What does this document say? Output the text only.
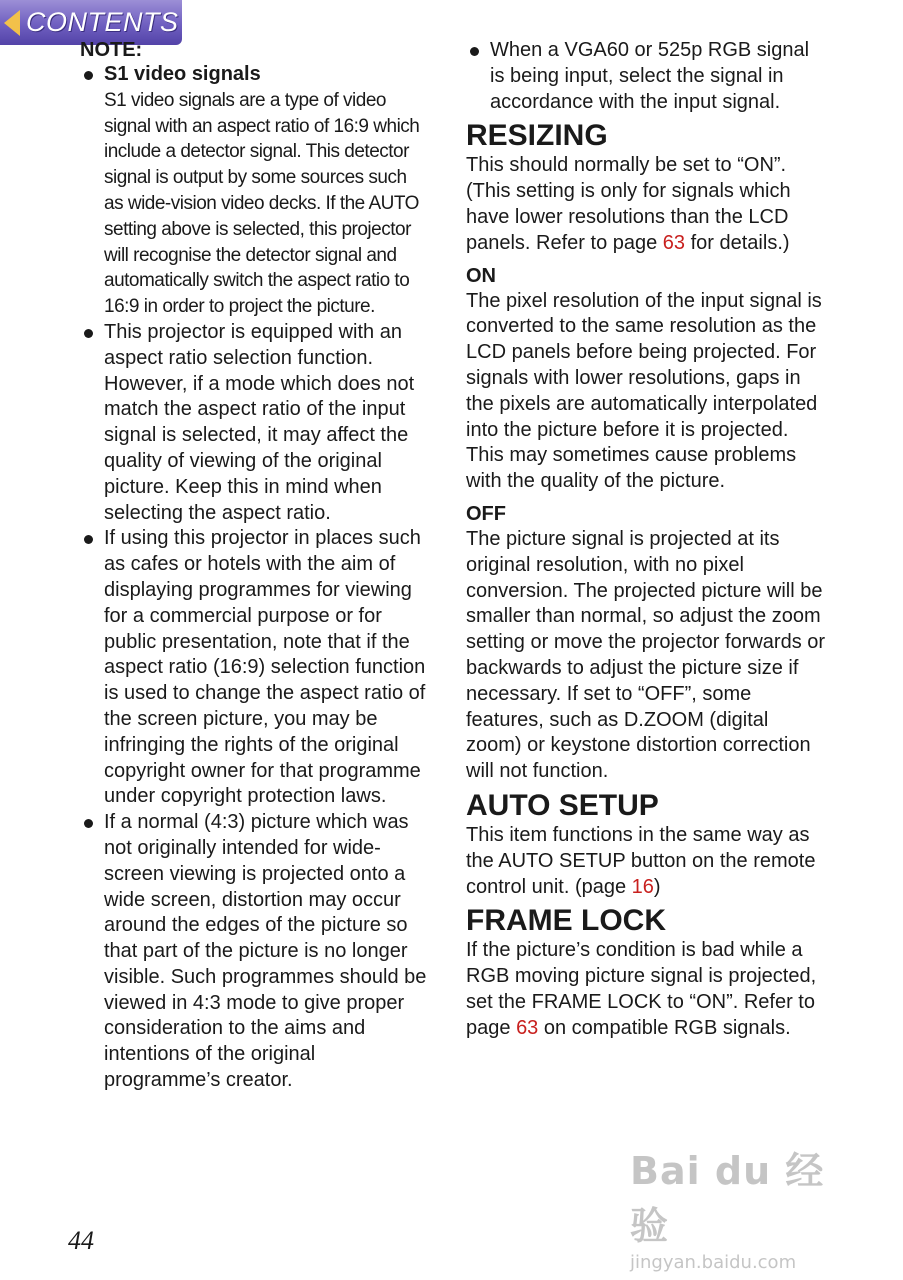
CONTENTS
NOTE:
S1 video signals
S1 video signals are a type of video signal with an aspect ratio of 16:9 which include a detector signal. This detector signal is output by some sources such as wide-vision video decks. If the AUTO setting above is selected, this projector will recognise the detector signal and automatically switch the aspect ratio to 16:9 in order to project the picture.
This projector is equipped with an aspect ratio selection function. However, if a mode which does not match the aspect ratio of the input signal is selected, it may affect the quality of viewing of the original picture. Keep this in mind when selecting the aspect ratio.
If using this projector in places such as cafes or hotels with the aim of displaying programmes for viewing for a commercial purpose or for public presentation, note that if the aspect ratio (16:9) selection function is used to change the aspect ratio of the screen picture, you may be infringing the rights of the original copyright owner for that programme under copyright protection laws.
If a normal (4:3) picture which was not originally intended for wide-screen viewing is projected onto a wide screen, distortion may occur around the edges of the picture so that part of the picture is no longer visible. Such programmes should be viewed in 4:3 mode to give proper consideration to the aims and intentions of the original programme’s creator.
When a VGA60 or 525p RGB signal is being input, select the signal in accordance with the input signal.
RESIZING
This should normally be set to “ON”. (This setting is only for signals which have lower resolutions than the LCD panels. Refer to page 63 for details.)
ON
The pixel resolution of the input signal is converted to the same resolution as the LCD panels before being projected. For signals with lower resolutions, gaps in the pixels are automatically interpolated into the picture before it is projected. This may sometimes cause problems with the quality of the picture.
OFF
The picture signal is projected at its original resolution, with no pixel conversion. The projected picture will be smaller than normal, so adjust the zoom setting or move the projector forwards or backwards to adjust the picture size if necessary. If set to “OFF”, some features, such as D.ZOOM (digital zoom) or keystone distortion correction will not function.
AUTO SETUP
This item functions in the same way as the AUTO SETUP button on the remote control unit. (page 16)
FRAME LOCK
If the picture’s condition is bad while a RGB moving picture signal is projected, set the FRAME LOCK to “ON”. Refer to page 63 on compatible RGB signals.
44
Bai du 经验
jingyan.baidu.com
